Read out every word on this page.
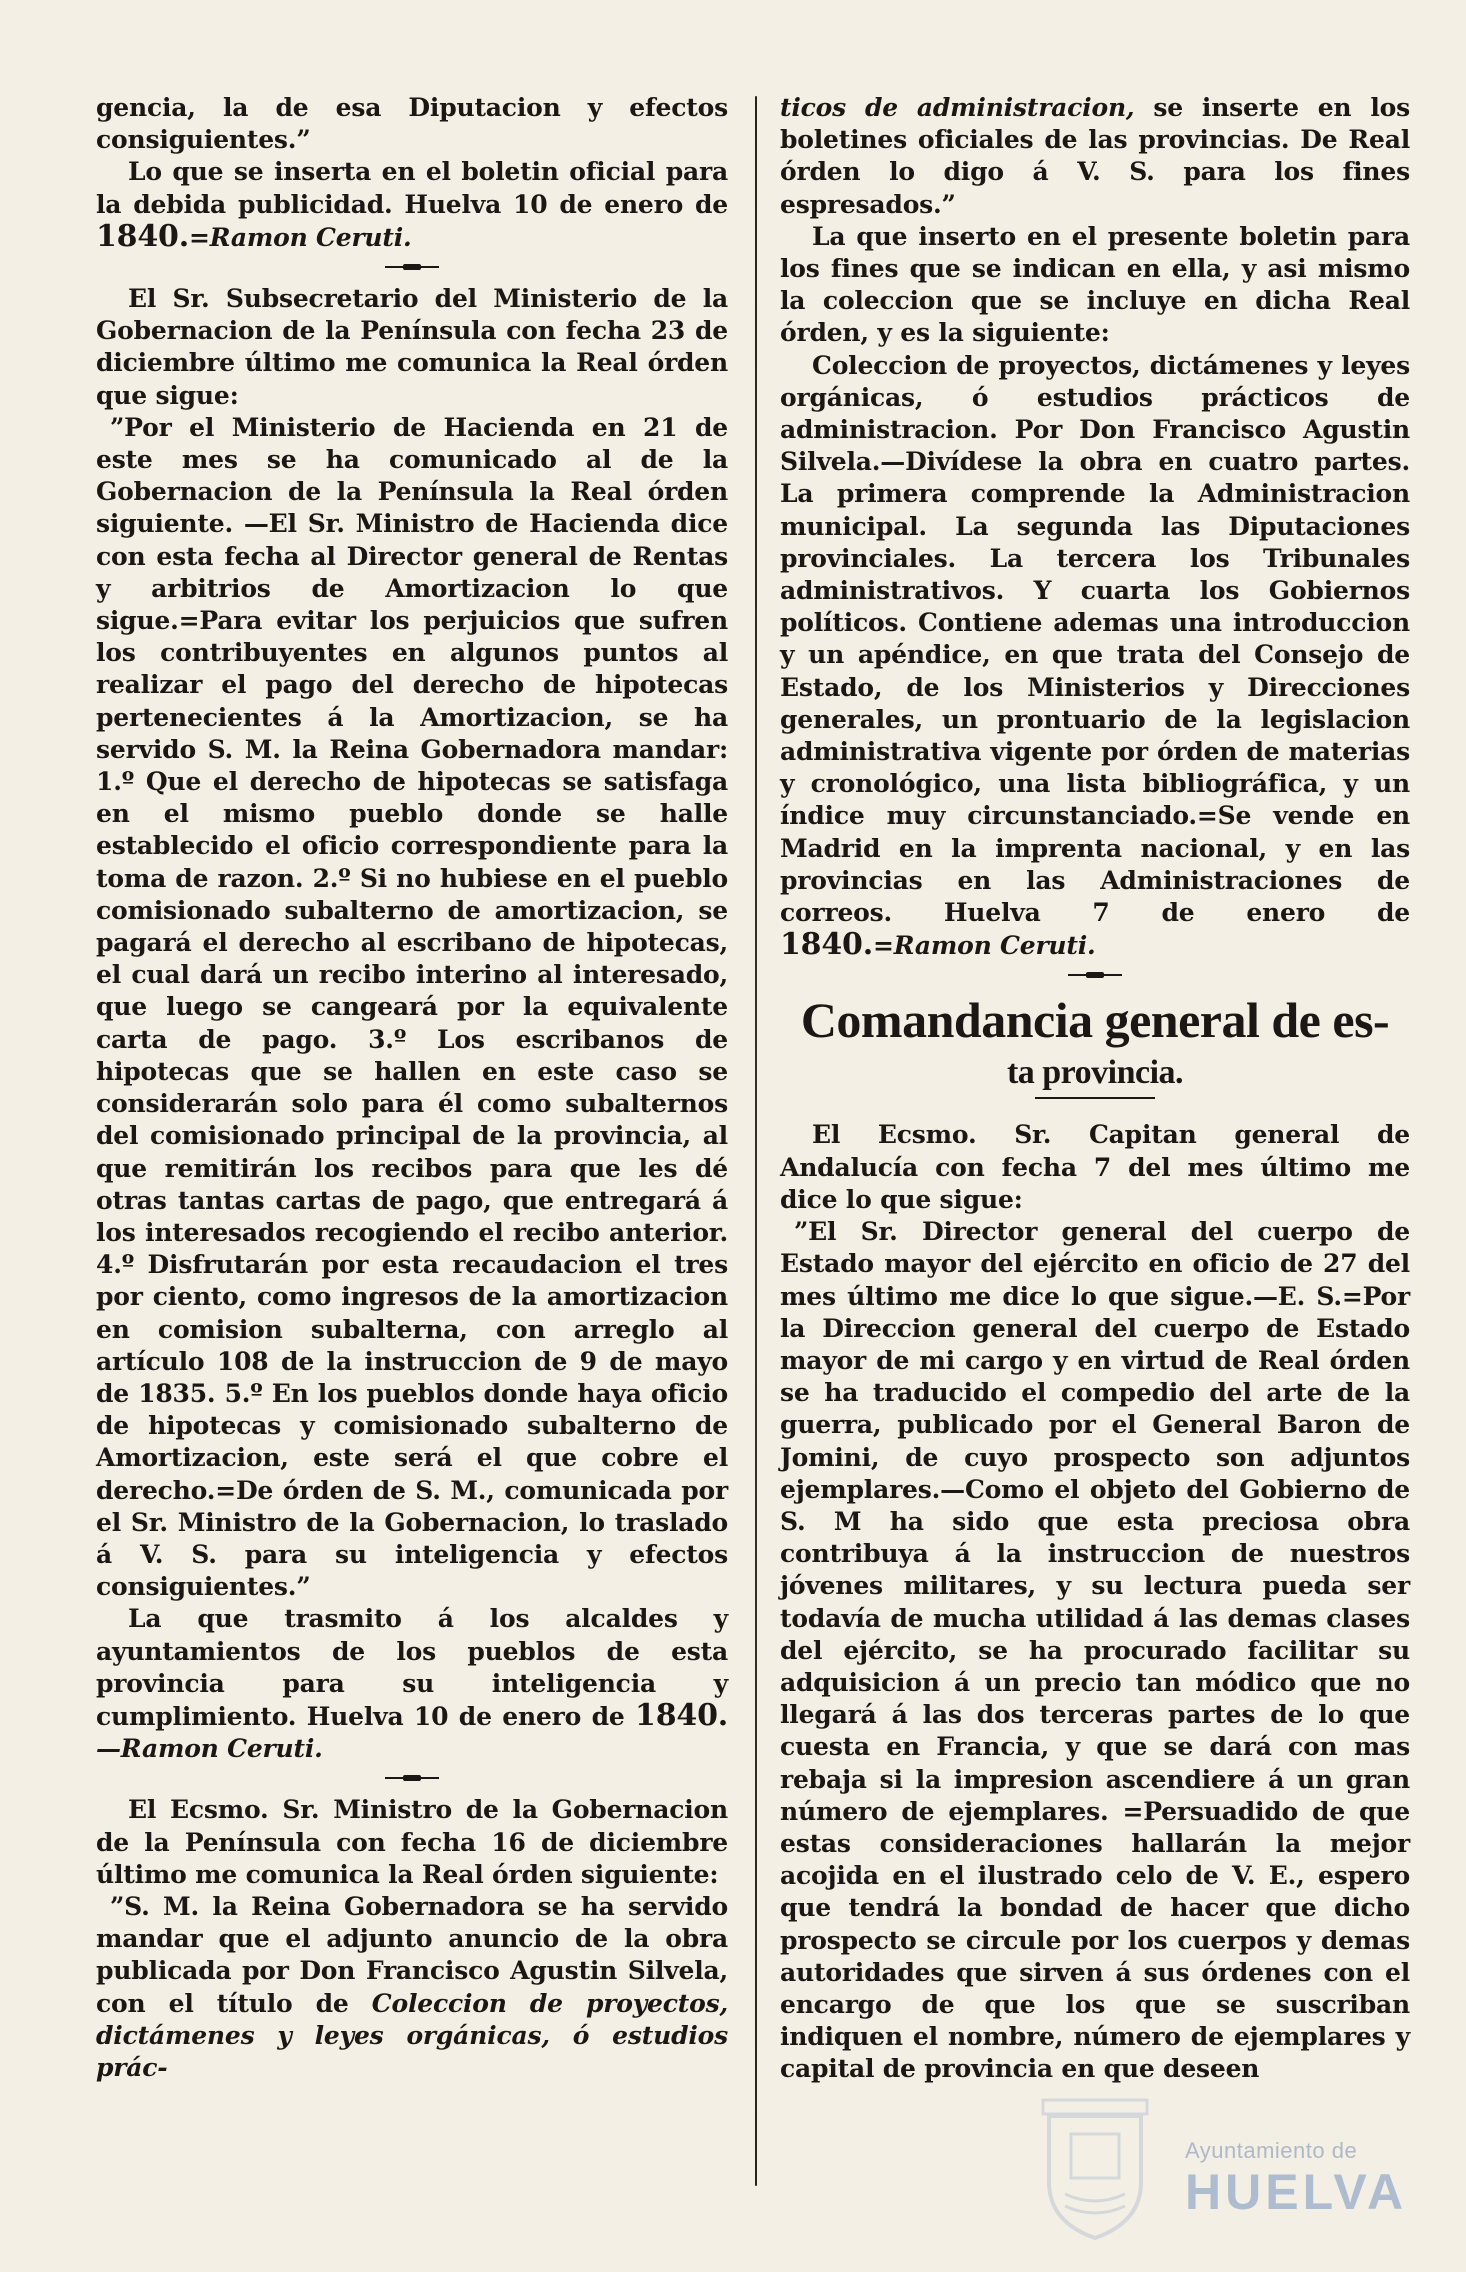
gencia, la de esa Diputacion y efectos consiguientes.”

Lo que se inserta en el boletin oficial para la debida publicidad. Huelva 10 de enero de 1840.=Ramon Ceruti.

El Sr. Subsecretario del Ministerio de la Gobernacion de la Península con fecha 23 de diciembre último me comunica la Real órden que sigue:

”Por el Ministerio de Hacienda en 21 de este mes se ha comunicado al de la Gobernacion de la Península la Real órden siguiente. —El Sr. Ministro de Hacienda dice con esta fecha al Director general de Rentas y arbitrios de Amortizacion lo que sigue.=Para evitar los perjuicios que sufren los contribuyentes en algunos puntos al realizar el pago del derecho de hipotecas pertenecientes á la Amortizacion, se ha servido S. M. la Reina Gobernadora mandar: 1.º Que el derecho de hipotecas se satisfaga en el mismo pueblo donde se halle establecido el oficio correspondiente para la toma de razon. 2.º Si no hubiese en el pueblo comisionado subalterno de amortizacion, se pagará el derecho al escribano de hipotecas, el cual dará un recibo interino al interesado, que luego se cangeará por la equivalente carta de pago. 3.º Los escribanos de hipotecas que se hallen en este caso se considerarán solo para él como subalternos del comisionado principal de la provincia, al que remitirán los recibos para que les dé otras tantas cartas de pago, que entregará á los interesados recogiendo el recibo anterior. 4.º Disfrutarán por esta recaudacion el tres por ciento, como ingresos de la amortizacion en comision subalterna, con arreglo al artículo 108 de la instruccion de 9 de mayo de 1835. 5.º En los pueblos donde haya oficio de hipotecas y comisionado subalterno de Amortizacion, este será el que cobre el derecho.=De órden de S. M., comunicada por el Sr. Ministro de la Gobernacion, lo traslado á V. S. para su inteligencia y efectos consiguientes.”

La que trasmito á los alcaldes y ayuntamientos de los pueblos de esta provincia para su inteligencia y cumplimiento. Huelva 10 de enero de 1840.—Ramon Ceruti.

El Ecsmo. Sr. Ministro de la Gobernacion de la Península con fecha 16 de diciembre último me comunica la Real órden siguiente:

”S. M. la Reina Gobernadora se ha servido mandar que el adjunto anuncio de la obra publicada por Don Francisco Agustin Silvela, con el título de Coleccion de proyectos, dictámenes y leyes orgánicas, ó estudios prác-

ticos de administracion, se inserte en los boletines oficiales de las provincias. De Real órden lo digo á V. S. para los fines espresados.”

La que inserto en el presente boletin para los fines que se indican en ella, y asi mismo la coleccion que se incluye en dicha Real órden, y es la siguiente:

Coleccion de proyectos, dictámenes y leyes orgánicas, ó estudios prácticos de administracion. Por Don Francisco Agustin Silvela.—Divídese la obra en cuatro partes. La primera comprende la Administracion municipal. La segunda las Diputaciones provinciales. La tercera los Tribunales administrativos. Y cuarta los Gobiernos políticos. Contiene ademas una introduccion y un apéndice, en que trata del Consejo de Estado, de los Ministerios y Direcciones generales, un prontuario de la legislacion administrativa vigente por órden de materias y cronológico, una lista bibliográfica, y un índice muy circunstanciado.=Se vende en Madrid en la imprenta nacional, y en las provincias en las Administraciones de correos. Huelva 7 de enero de 1840.=Ramon Ceruti.

Comandancia general de es-
ta provincia.

El Ecsmo. Sr. Capitan general de Andalucía con fecha 7 del mes último me dice lo que sigue:

”El Sr. Director general del cuerpo de Estado mayor del ejército en oficio de 27 del mes último me dice lo que sigue.—E. S.=Por la Direccion general del cuerpo de Estado mayor de mi cargo y en virtud de Real órden se ha traducido el compedio del arte de la guerra, publicado por el General Baron de Jomini, de cuyo prospecto son adjuntos ejemplares.—Como el objeto del Gobierno de S. M ha sido que esta preciosa obra contribuya á la instruccion de nuestros jóvenes militares, y su lectura pueda ser todavía de mucha utilidad á las demas clases del ejército, se ha procurado facilitar su adquisicion á un precio tan módico que no llegará á las dos terceras partes de lo que cuesta en Francia, y que se dará con mas rebaja si la impresion ascendiere á un gran número de ejemplares. =Persuadido de que estas consideraciones hallarán la mejor acojida en el ilustrado celo de V. E., espero que tendrá la bondad de hacer que dicho prospecto se circule por los cuerpos y demas autoridades que sirven á sus órdenes con el encargo de que los que se suscriban indiquen el nombre, número de ejemplares y capital de provincia en que deseen

Ayuntamiento de
HUELVA
